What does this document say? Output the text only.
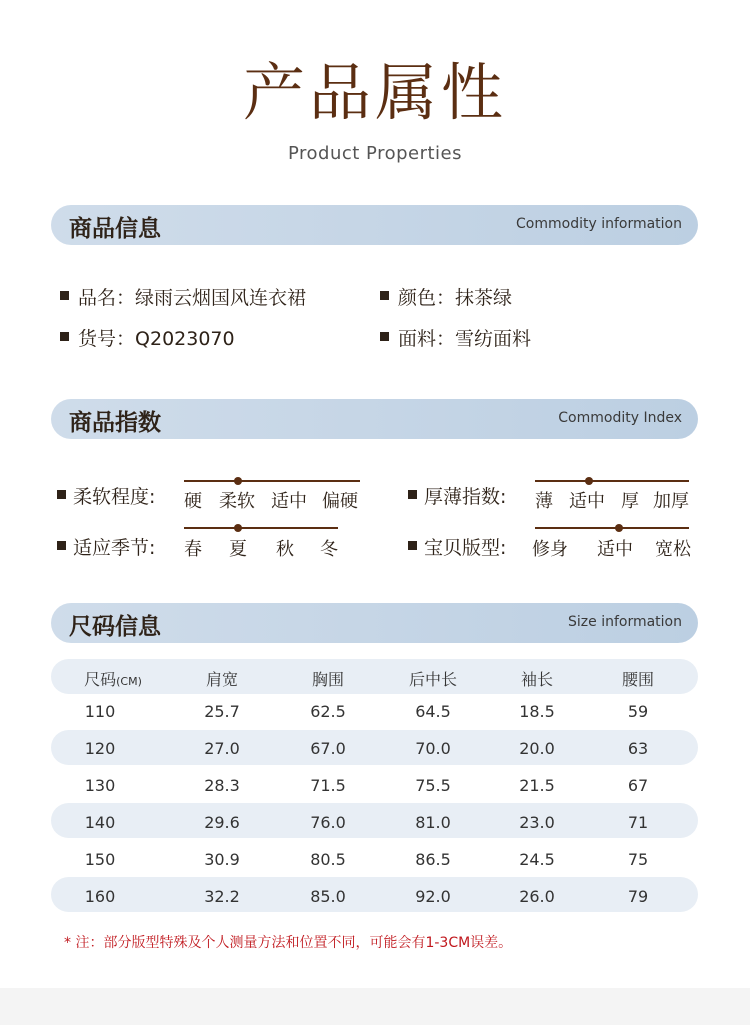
产品属性
Product Properties
商品信息	Commodity information
品名：绿雨云烟国风连衣裙	颜色：抹茶绿
货号：Q2023070	面料：雪纺面料
商品指数	Commodity Index
柔软程度: 硬 柔软 适中 偏硬	厚薄指数: 薄 适中 厚 加厚
适应季节: 春 夏 秋 冬	宝贝版型: 修身 适中 宽松
尺码信息	Size information
尺码(CM)	肩宽	胸围	后中长	袖长	腰围
110	25.7	62.5	64.5	18.5	59
120	27.0	67.0	70.0	20.0	63
130	28.3	71.5	75.5	21.5	67
140	29.6	76.0	81.0	23.0	71
150	30.9	80.5	86.5	24.5	75
160	32.2	85.0	92.0	26.0	79
* 注：部分版型特殊及个人测量方法和位置不同，可能会有1-3CM误差。
